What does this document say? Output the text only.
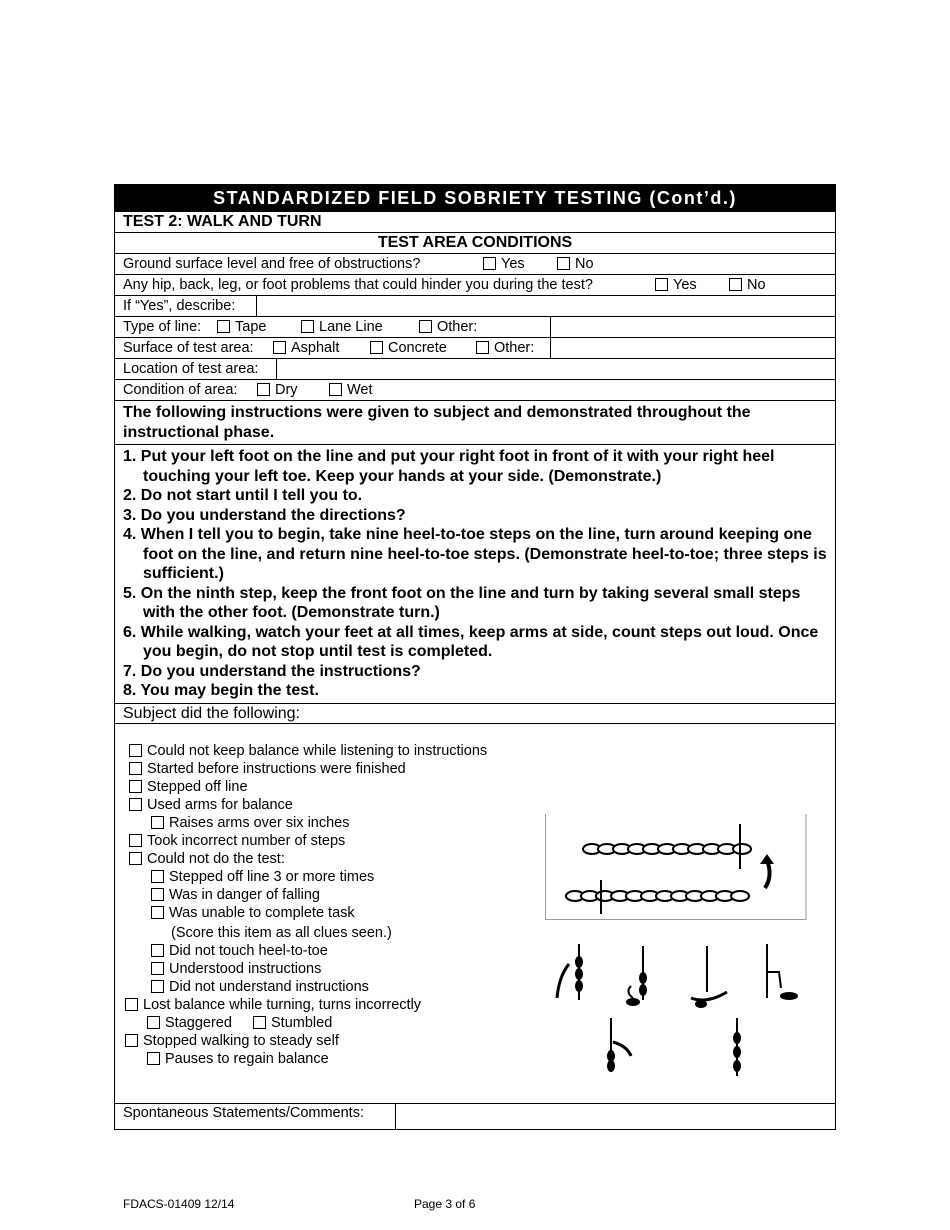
STANDARDIZED FIELD SOBRIETY TESTING (Cont’d.)
TEST 2: WALK AND TURN
TEST AREA CONDITIONS
Ground surface level and free of obstructions?	Yes	No
Any hip, back, leg, or foot problems that could hinder you during the test?	Yes	No
If “Yes”, describe:
Type of line:	Tape	Lane Line	Other:
Surface of test area:	Asphalt	Concrete	Other:
Location of test area:
Condition of area:	Dry	Wet
The following instructions were given to subject and demonstrated throughout the instructional phase.
1. Put your left foot on the line and put your right foot in front of it with your right heel touching your left toe. Keep your hands at your side. (Demonstrate.)
2. Do not start until I tell you to.
3. Do you understand the directions?
4. When I tell you to begin, take nine heel-to-toe steps on the line, turn around keeping one foot on the line, and return nine heel-to-toe steps. (Demonstrate heel-to-toe; three steps is sufficient.)
5. On the ninth step, keep the front foot on the line and turn by taking several small steps with the other foot. (Demonstrate turn.)
6. While walking, watch your feet at all times, keep arms at side, count steps out loud. Once you begin, do not stop until test is completed.
7. Do you understand the instructions?
8. You may begin the test.
Subject did the following:
Could not keep balance while listening to instructions
Started before instructions were finished
Stepped off line
Used arms for balance
Raises arms over six inches
Took incorrect number of steps
Could not do the test:
Stepped off line 3 or more times
Was in danger of falling
Was unable to complete task
(Score this item as all clues seen.)
Did not touch heel-to-toe
Understood instructions
Did not understand instructions
Lost balance while turning, turns incorrectly
Staggered	Stumbled
Stopped walking to steady self
Pauses to regain balance
Spontaneous Statements/Comments:
FDACS-01409 12/14	Page 3 of 6
